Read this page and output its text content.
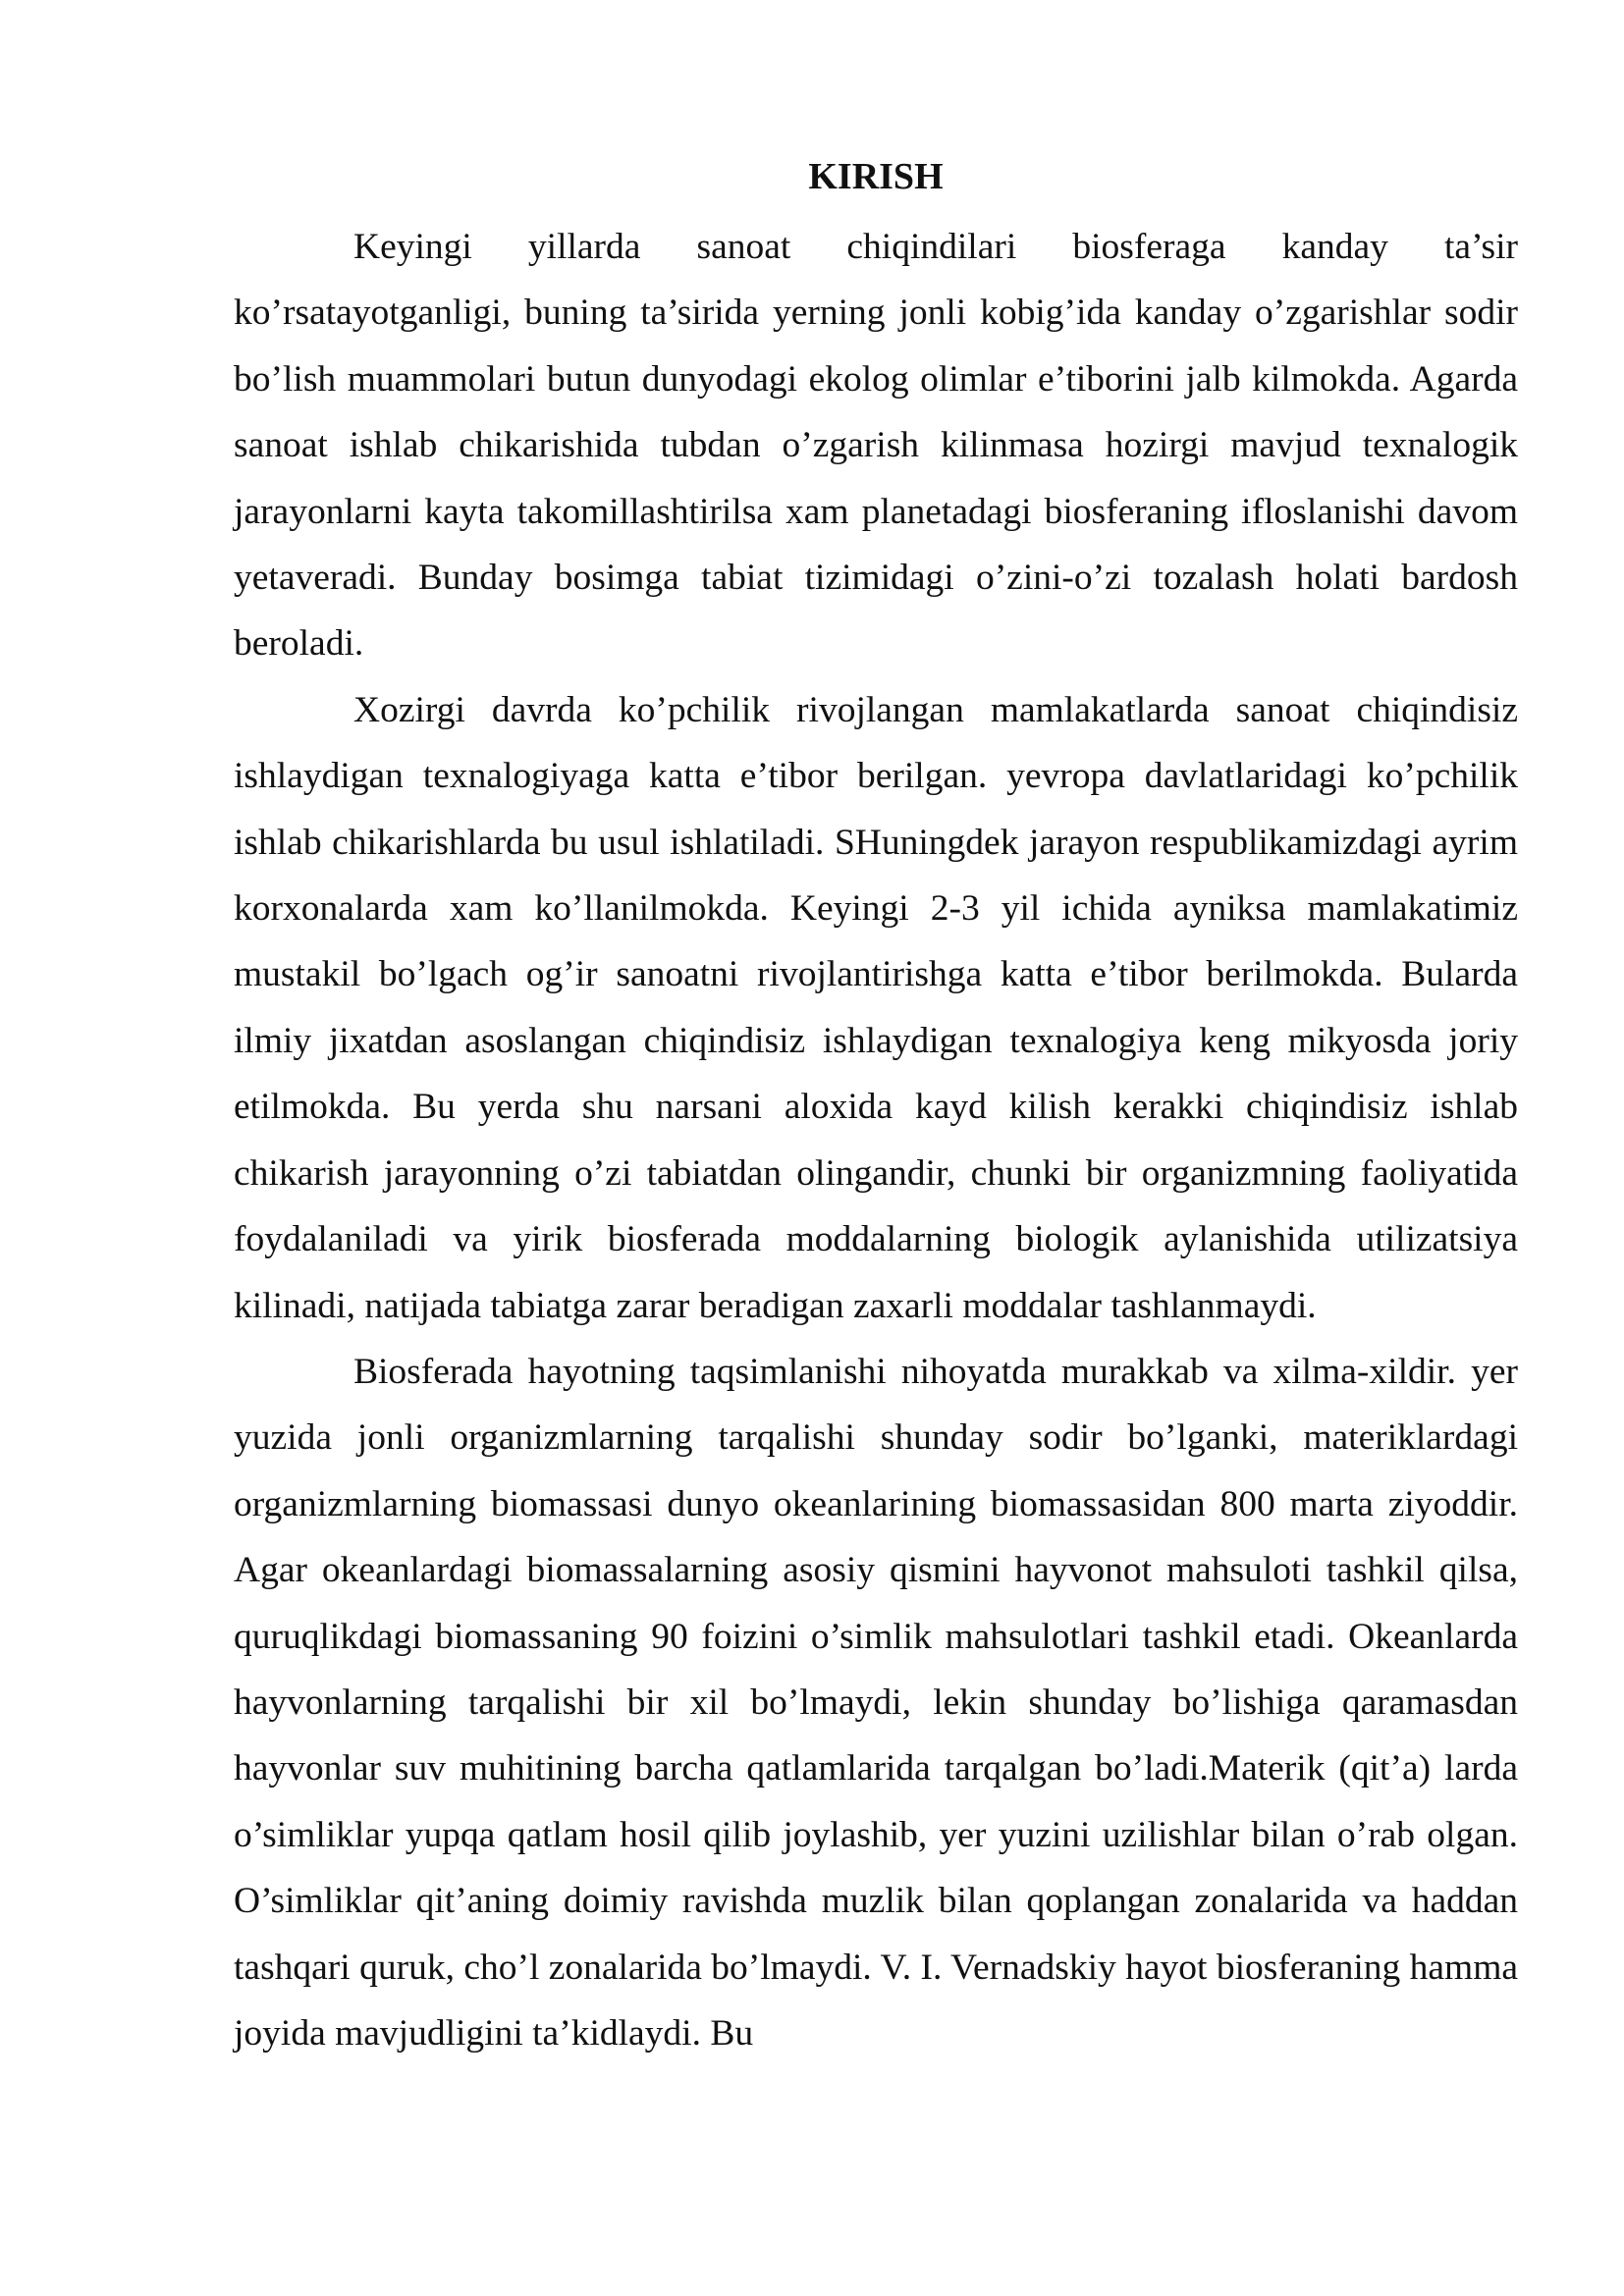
KIRISH

Keyingi yillarda sanoat chiqindilari biosferaga kanday ta’sir ko’rsatayotganligi, buning ta’sirida yerning jonli kobig’ida kanday o’zgarishlar sodir bo’lish muammolari butun dunyodagi ekolog olimlar e’tiborini jalb kilmokda. Agarda sanoat ishlab chikarishida tubdan o’zgarish kilinmasa hozirgi mavjud texnalogik jarayonlarni kayta takomillashtirilsa xam planetadagi biosferaning ifloslanishi davom yetaveradi. Bunday bosimga tabiat tizimidagi o’zini-o’zi tozalash holati bardosh beroladi.

Xozirgi davrda ko’pchilik rivojlangan mamlakatlarda sanoat chiqindisiz ishlaydigan texnalogiyaga katta e’tibor berilgan. yevropa davlatlaridagi ko’pchilik ishlab chikarishlarda bu usul ishlatiladi. SHuningdek jarayon respublikamizdagi ayrim korxonalarda xam ko’llanilmokda. Keyingi 2-3 yil ichida ayniksa mamlakatimiz mustakil bo’lgach og’ir sanoatni rivojlantirishga katta e’tibor berilmokda. Bularda ilmiy jixatdan asoslangan chiqindisiz ishlaydigan texnalogiya keng mikyosda joriy etilmokda. Bu yerda shu narsani aloxida kayd kilish kerakki chiqindisiz ishlab chikarish jarayonning o’zi tabiatdan olingandir, chunki bir organizmning faoliyatida foydalaniladi va yirik biosferada moddalarning biologik aylanishida utilizatsiya kilinadi, natijada tabiatga zarar beradigan zaxarli moddalar tashlanmaydi.

Biosferada hayotning taqsimlanishi nihoyatda murakkab va xilma-xildir. yer yuzida jonli organizmlarning tarqalishi shunday sodir bo’lganki, materiklardagi organizmlarning biomassasi dunyo okeanlarining biomassasidan 800 marta ziyoddir. Agar okeanlardagi biomassalarning asosiy qismini hayvonot mahsuloti tashkil qilsa, quruqlikdagi biomassaning 90 foizini o’simlik mahsulotlari tashkil etadi. Okeanlarda hayvonlarning tarqalishi bir xil bo’lmaydi, lekin shunday bo’lishiga qaramasdan hayvonlar suv muhitining barcha qatlamlarida tarqalgan bo’ladi.Materik (qit’a) larda o’simliklar yupqa qatlam hosil qilib joylashib, yer yuzini uzilishlar bilan o’rab olgan. O’simliklar qit’aning doimiy ravishda muzlik bilan qoplangan zonalarida va haddan tashqari quruk, cho’l zonalarida bo’lmaydi. V. I. Vernadskiy hayot biosferaning hamma joyida mavjudligini ta’kidlaydi. Bu
